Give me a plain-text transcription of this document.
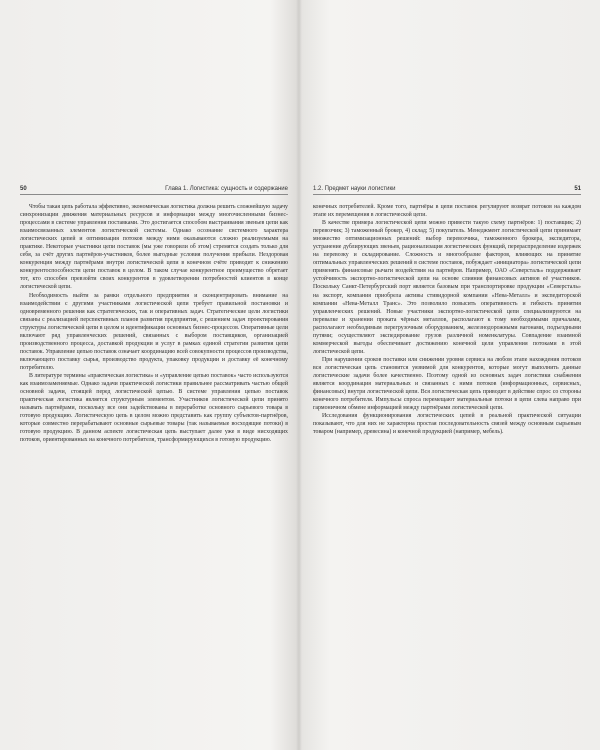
50	Глава 1. Логистика: сущность и содержание

Чтобы такая цепь работала эффективно, экономическая логистика должна решить сложнейшую задачу синхронизации движения материальных ресурсов и информации между многочисленными бизнес-процессами в системе управления поставками. Это достигается способом выстраивания звеньев цепи как взаимосвязанных элементов логистической системы. Однако осознание системного характера логистических цепей и оптимизация потоков между ними оказываются сложно реализуемыми на практике. Некоторые участники цепи поставок (мы уже говорили об этом) стремятся создать только для себя, за счёт других партнёров-участников, более выгодные условия получения прибыли. Нездоровая конкуренция между партнёрами внутри логистической цепи в конечном счёте приводит к снижению конкурентоспособности цепи поставок в целом. В таком случае конкурентное преимущество обретает тот, кто способен превзойти своих конкурентов в удовлетворении потребностей клиентов в конце логистической цепи.

Необходимость выйти за рамки отдельного предприятия и сконцентрировать внимание на взаимодействии с другими участниками логистической цепи требует правильной постановки и одновременного решения как стратегических, так и оперативных задач. Стратегические цели логистики связаны с реализацией перспективных планов развития предприятия, с решением задач проектирования структуры логистической цепи в целом и идентификации основных бизнес-процессов. Оперативные цели включают ряд управленческих решений, связанных с выбором поставщиков, организацией производственного процесса, доставкой продукции и услуг в рамках единой стратегии развития цепи поставок. Управление цепью поставок означает координацию всей совокупности процессов производства, включающего поставку сырья, производство продукта, упаковку продукции и доставку её конечному потребителю.

В литературе термины «практическая логистика» и «управление цепью поставок» часто используются как взаимозаменяемые. Однако задачи практической логистики правильнее рассматривать частью общей основной задачи, стоящей перед логистической цепью. В системе управления цепью поставок практическая логистика является структурным элементом. Участников логистической цепи принято называть партнёрами, поскольку все они задействованы в переработке основного сырьевого товара в готовую продукцию. Логистическую цепь в целом можно представить как группу субъектов-партнёров, которые совместно перерабатывают основные сырьевые товары (так называемые восходящие потоки) в готовую продукцию. В данном аспекте логистическая цепь выступает далее уже в виде нисходящих потоков, ориентированных на конечного потребителя, трансформирующихся в готовую продукцию.

1.2. Предмет науки логистики	51

конечных потребителей. Кроме того, партнёры в цепи поставок регулируют возврат потоков на каждом этапе их перемещения в логистической цепи.

В качестве примера логистической цепи можно привести такую схему партнёров: 1) поставщик; 2) перевозчик; 3) таможенный брокер, 4) склад; 5) покупатель. Менеджмент логистической цепи принимает множество оптимизационных решений: выбор перевозчика, таможенного брокера, экспедитора, устранение дублирующих звеньев, рационализация логистических функций, перераспределение издержек на перевозку и складирование. Сложность и многообразие факторов, влияющих на принятие оптимальных управленческих решений в системе поставок, побуждает «инициатора» логистической цепи применять финансовые рычаги воздействия на партнёров. Например, ОАО «Северсталь» поддерживает устойчивость экспортно-логистической цепи на основе слияния финансовых активов её участников. Поскольку Санкт-Петербургский порт является базовым при транспортировке продукции «Северсталь» на экспорт, компания приобрела активы стивидорной компании «Нева-Металл» и экспедиторской компании «Нева-Металл Транс». Это позволило повысить оперативность и гибкость принятия управленческих решений. Новые участники экспортно-логистической цепи специализируются на перевалке и хранении проката чёрных металлов, располагают к тому необходимыми причалами, располагают необходимым перегрузочным оборудованием, железнодорожными вагонами, подъездными путями; осуществляют экспедирование грузов различной номенклатуры. Совпадение взаимной коммерческой выгоды обеспечивает достижению конечной цели управления потоками в этой логистической цепи.

При нарушении сроков поставки или снижении уровня сервиса на любом этапе нахождения потоков вся логистическая цепь становится уязвимой для конкурентов, которые могут выполнить данные логистические задачи более качественно. Поэтому одной из основных задач логистики снабжения является координация материальных и связанных с ними потоков (информационных, сервисных, финансовых) внутри логистической цепи. Вся логистическая цепь приводит в действие спрос со стороны конечного потребителя. Импульсы спроса перемещают материальные потоки в цепи слева направо при гармоничном обмене информацией между партнёрами логистической цепи.

Исследования функционирования логистических цепей в реальной практической ситуации показывают, что для них не характерна простая последовательность связей между основным сырьевым товаром (например, древесина) и конечной продукцией (например, мебель).
